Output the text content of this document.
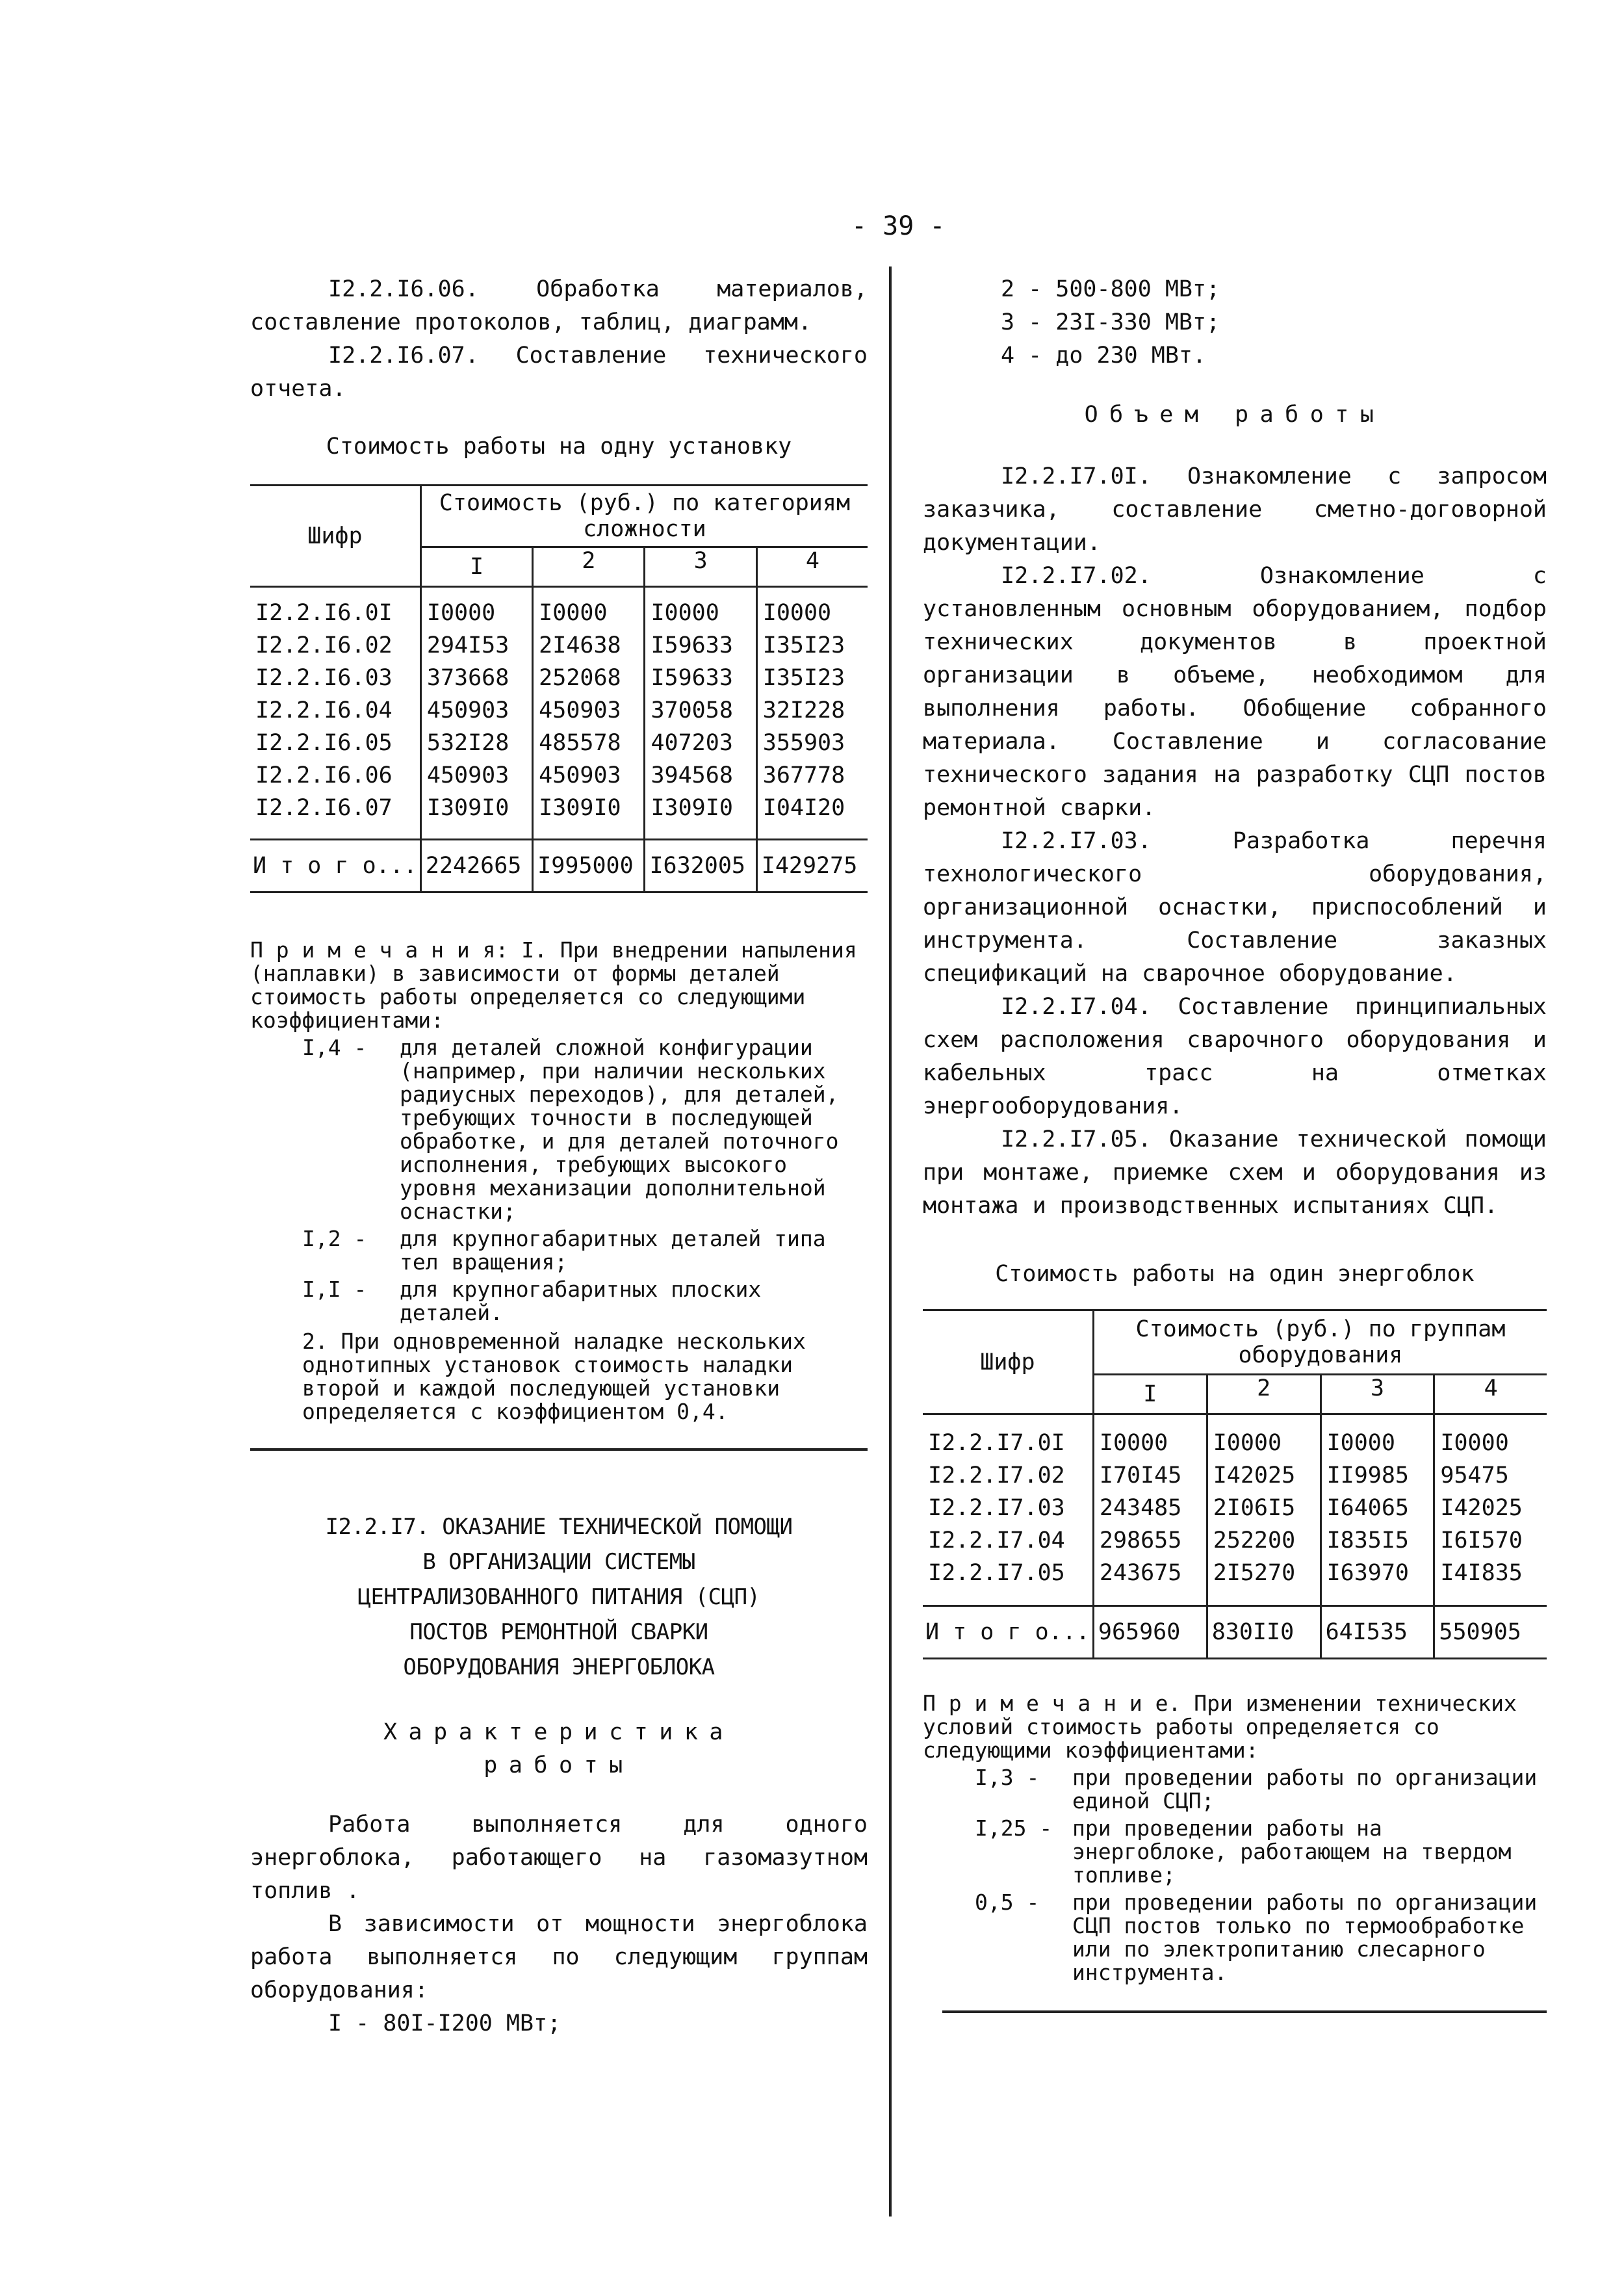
- 39 -

I2.2.I6.06. Обработка материалов, составление протоколов, таблиц, диаграмм.

I2.2.I6.07. Составление технического отчета.

Стоимость работы на одну установку

Шифр	Стоимость (руб.) по категориям сложности			
	I	2	3	4
I2.2.I6.0I	I0000	I0000	I0000	I0000
I2.2.I6.02	294I53	2I4638	I59633	I35I23
I2.2.I6.03	373668	252068	I59633	I35I23
I2.2.I6.04	450903	450903	370058	32I228
I2.2.I6.05	532I28	485578	407203	355903
I2.2.I6.06	450903	450903	394568	367778
I2.2.I6.07	I309I0	I309I0	I309I0	I04I20
И т о г о...	2242665	I995000	I632005	I429275

П р и м е ч а н и я: I. При внедрении напыления (наплавки) в зависимости от формы деталей стоимость работы определяется со следующими коэффициентами:

I,4 -	для деталей сложной конфигурации (например, при наличии нескольких радиусных переходов), для деталей, требующих точности в последующей обработке, и для деталей поточного исполнения, требующих высокого уровня механизации дополнительной оснастки;
I,2 -	для крупногабаритных деталей типа тел вращения;
I,I -	для крупногабаритных плоских деталей.

2. При одновременной наладке нескольких однотипных установок стоимость наладки второй и каждой последующей установки определяется с коэффициентом 0,4.

I2.2.I7. ОКАЗАНИЕ ТЕХНИЧЕСКОЙ ПОМОЩИ

В ОРГАНИЗАЦИИ СИСТЕМЫ

ЦЕНТРАЛИЗОВАННОГО ПИТАНИЯ (СЦП)

ПОСТОВ РЕМОНТНОЙ СВАРКИ

ОБОРУДОВАНИЯ ЭНЕРГОБЛОКА

Характеристика

работы

Работа выполняется для одного энергоблока, работающего на газомазутном топлив .

В зависимости от мощности энергоблока работа выполняется по следующим группам оборудования:

I - 80I-I200 МВт;

2 - 500-800 МВт;

3 - 23I-330 МВт;

4 - до 230 МВт.

Объем работы

I2.2.I7.0I. Ознакомление с запросом заказчика, составление сметно-договорной документации.

I2.2.I7.02. Ознакомление с установленным основным оборудованием, подбор технических документов в проектной организации в объеме, необходимом для выполнения работы. Обобщение собранного материала. Составление и согласование технического задания на разработку СЦП постов ремонтной сварки.

I2.2.I7.03. Разработка перечня технологического оборудования, организационной оснастки, приспособлений и инструмента. Составление заказных спецификаций на сварочное оборудование.

I2.2.I7.04. Составление принципиальных схем расположения сварочного оборудования и кабельных трасс на отметках энергооборудования.

I2.2.I7.05. Оказание технической помощи при монтаже, приемке схем и оборудования из монтажа и производственных испытаниях СЦП.

Стоимость работы на один энергоблок

Шифр	Стоимость (руб.) по группам оборудования			
	I	2	3	4
I2.2.I7.0I	I0000	I0000	I0000	I0000
I2.2.I7.02	I70I45	I42025	II9985	95475
I2.2.I7.03	243485	2I06I5	I64065	I42025
I2.2.I7.04	298655	252200	I835I5	I6I570
I2.2.I7.05	243675	2I5270	I63970	I4I835
И т о г о...	965960	830II0	64I535	550905

П р и м е ч а н и е. При изменении технических условий стоимость работы определяется со следующими коэффициентами:

I,3 -	при проведении работы по организации единой СЦП;
I,25 - при проведении работы на энергоблоке, работающем на твердом топливе;
0,5 -	при проведении работы по организации СЦП постов только по термообработке или по электропитанию слесарного инструмента.
